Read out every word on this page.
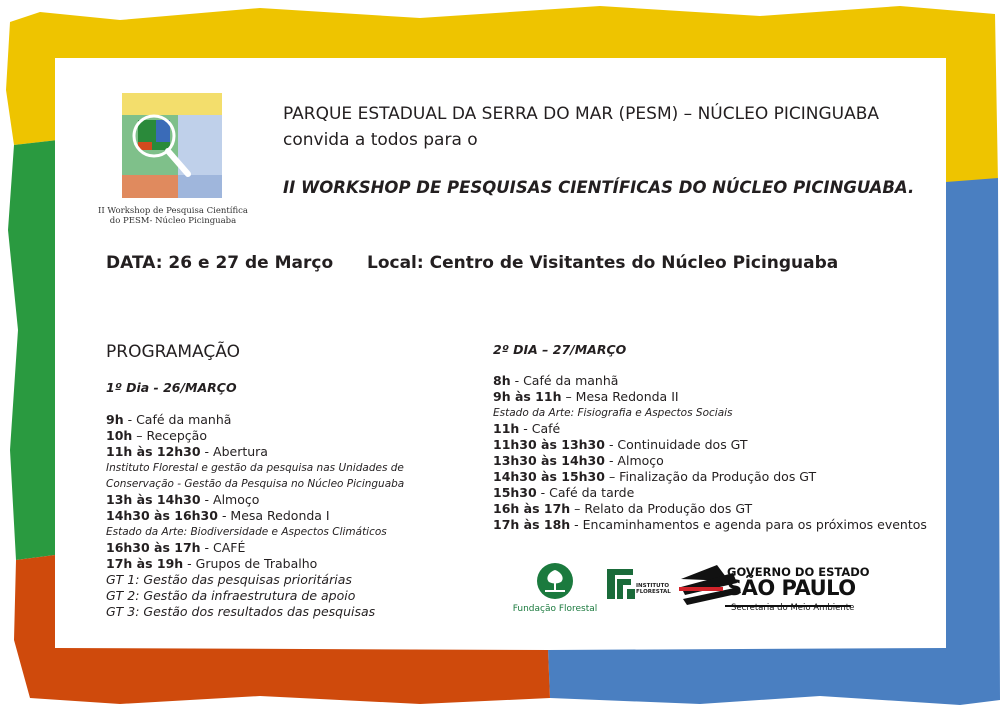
II Workshop de Pesquisa Científica
do PESM- Núcleo Picinguaba
PARQUE ESTADUAL DA SERRA DO MAR (PESM) – NÚCLEO PICINGUABA
convida a todos para o
II WORKSHOP DE PESQUISAS CIENTÍFICAS DO NÚCLEO PICINGUABA.
DATA: 26 e 27 de Março Local: Centro de Visitantes do Núcleo Picinguaba
PROGRAMAÇÃO
1º Dia - 26/MARÇO
9h - Café da manhã
10h – Recepção
11h às 12h30 - Abertura
Instituto Florestal e gestão da pesquisa nas Unidades de
Conservação - Gestão da Pesquisa no Núcleo Picinguaba
13h às 14h30 - Almoço
14h30 às 16h30 - Mesa Redonda I
Estado da Arte: Biodiversidade e Aspectos Climáticos
16h30 às 17h - CAFÉ
17h às 19h - Grupos de Trabalho
GT 1: Gestão das pesquisas prioritárias
GT 2: Gestão da infraestrutura de apoio
GT 3: Gestão dos resultados das pesquisas
2º DIA – 27/MARÇO
8h - Café da manhã
9h às 11h – Mesa Redonda II
Estado da Arte: Fisiografia e Aspectos Sociais
11h - Café
11h30 às 13h30 - Continuidade dos GT
13h30 às 14h30 - Almoço
14h30 às 15h30 – Finalização da Produção dos GT
15h30 - Café da tarde
16h às 17h – Relato da Produção dos GT
17h às 18h - Encaminhamentos e agenda para os próximos eventos
Fundação Florestal
INSTITUTO
FLORESTAL
GOVERNO DO ESTADO
SÃO PAULO
Secretaria do Meio Ambiente
